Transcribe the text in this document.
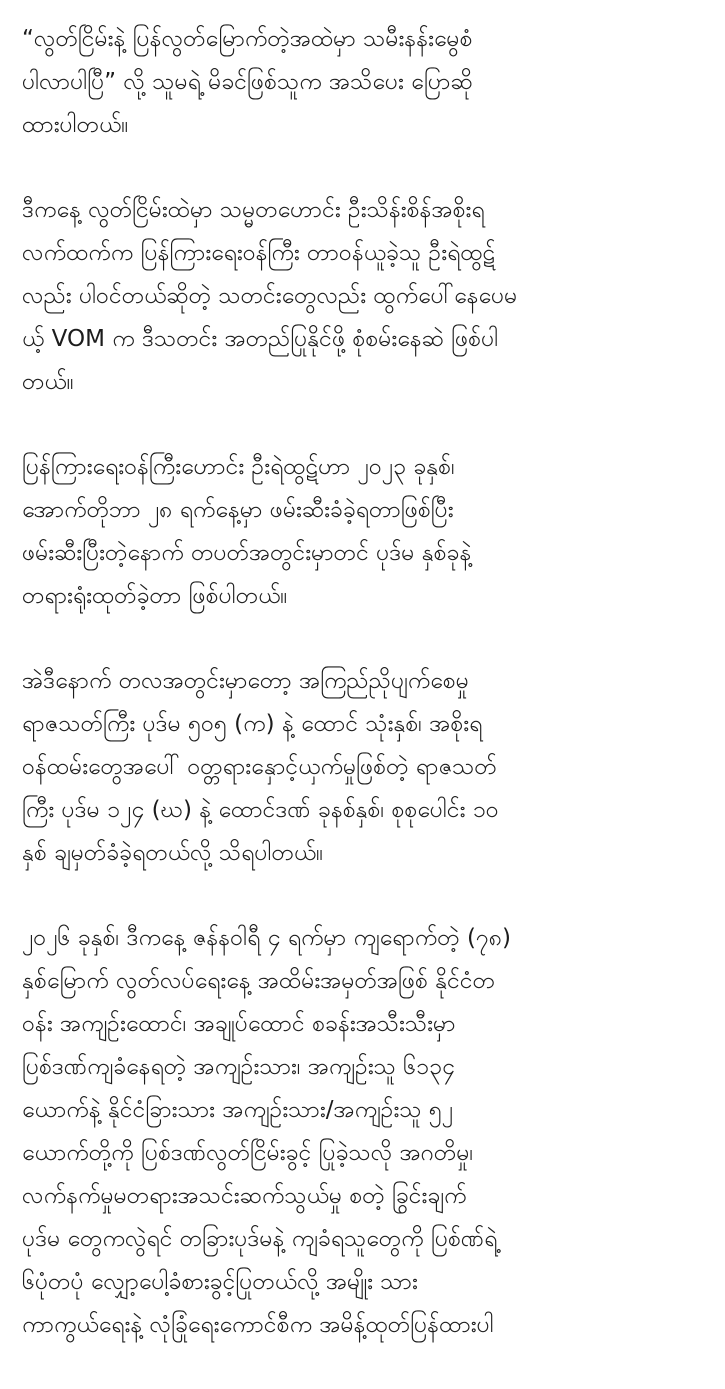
“လွတ်ငြိမ်းနဲ့ ပြန်လွတ်မြောက်တဲ့အထဲမှာ သမီးနန်းမွေစံ
ပါလာပါပြီ” လို့ သူမရဲ့ မိခင်ဖြစ်သူက အသိပေး ပြောဆို
ထားပါတယ်။
ဒီကနေ့ လွတ်ငြိမ်းထဲမှာ သမ္မတဟောင်း ဦးသိန်းစိန်အစိုးရ
လက်ထက်က ပြန်ကြားရေးဝန်ကြီး တာဝန်ယူခဲ့သူ ဦးရဲထွဋ်
လည်း ပါဝင်တယ်ဆိုတဲ့ သတင်းတွေလည်း ထွက်ပေါ်နေပေမ
ယ့် VOM က ဒီသတင်း အတည်ပြုနိုင်ဖို့ စုံစမ်းနေဆဲ ဖြစ်ပါ
တယ်။
ပြန်ကြားရေးဝန်ကြီးဟောင်း ဦးရဲထွဋ်ဟာ ၂၀၂၃ ခုနှစ်၊
အောက်တိုဘာ ၂၈ ရက်နေ့မှာ ဖမ်းဆီးခံခဲ့ရတာဖြစ်ပြီး
ဖမ်းဆီးပြီးတဲ့နောက် တပတ်အတွင်းမှာတင် ပုဒ်မ နှစ်ခုနဲ့
တရားရုံးထုတ်ခဲ့တာ ဖြစ်ပါတယ်။
အဲဒီနောက် တလအတွင်းမှာတော့ အကြည်ညိုပျက်စေမှု
ရာဇသတ်ကြီး ပုဒ်မ ၅၀၅ (က) နဲ့ ထောင် သုံးနှစ်၊ အစိုးရ
ဝန်ထမ်းတွေအပေါ် ဝတ္တရားနှောင့်ယှက်မှုဖြစ်တဲ့ ရာဇသတ်
ကြီး ပုဒ်မ ၁၂၄ (ဃ) နဲ့ ထောင်ဒဏ် ခုနစ်နှစ်၊ စုစုပေါင်း ၁၀
နှစ် ချမှတ်ခံခဲ့ရတယ်လို့ သိရပါတယ်။
၂၀၂၆ ခုနှစ်၊ ဒီကနေ့ ဇန်နဝါရီ ၄ ရက်မှာ ကျရောက်တဲ့ (၇၈)
နှစ်မြောက် လွတ်လပ်ရေးနေ့ အထိမ်းအမှတ်အဖြစ် နိုင်ငံတ
ဝန်း အကျဉ်းထောင်၊ အချုပ်ထောင် စခန်းအသီးသီးမှာ
ပြစ်ဒဏ်ကျခံနေရတဲ့ အကျဉ်းသား၊ အကျဉ်းသူ ၆၁၃၄
ယောက်နဲ့ နိုင်ငံခြားသား အကျဉ်းသား/အကျဉ်းသူ ၅၂
ယောက်တို့ကို ပြစ်ဒဏ်လွတ်ငြိမ်းခွင့် ပြုခဲ့သလို အဂတိမှု၊
လက်နက်မှုမတရားအသင်းဆက်သွယ်မှု စတဲ့ ခြွင်းချက်
ပုဒ်မ တွေကလွဲရင် တခြားပုဒ်မနဲ့ ကျခံရသူတွေကို ပြစ်ဏ်ရဲ့
၆ပုံတပုံ လျှော့ပေါ့ခံစားခွင့်ပြုတယ်လို့ အမျိုး သား
ကာကွယ်ရေးနဲ့ လုံခြုံရေးကောင်စီက အမိန့်ထုတ်ပြန်ထားပါ
